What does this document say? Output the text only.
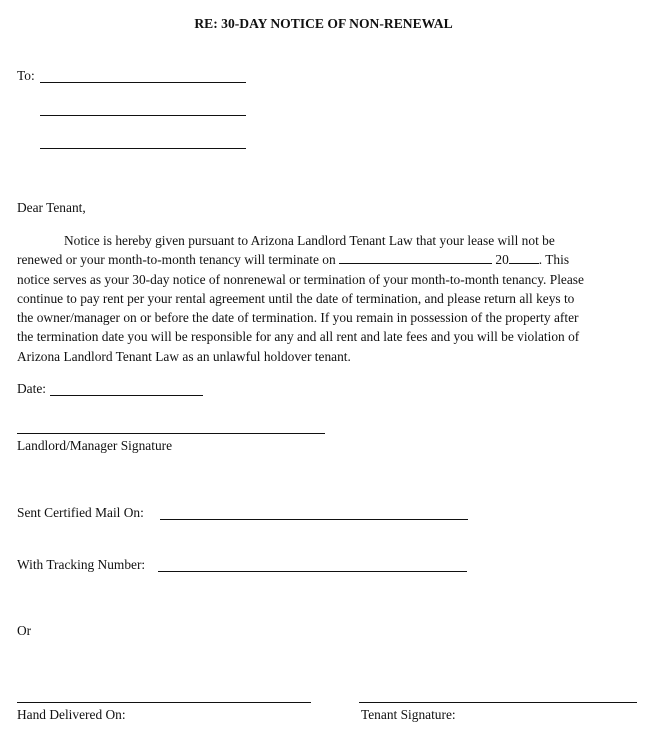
RE: 30-DAY NOTICE OF NON-RENEWAL
To:
Dear Tenant,
Notice is hereby given pursuant to Arizona Landlord Tenant Law that your lease will not be
renewed or your month-to-month tenancy will terminate on	20 . This
notice serves as your 30-day notice of nonrenewal or termination of your month-to-month tenancy. Please
continue to pay rent per your rental agreement until the date of termination, and please return all keys to
the owner/manager on or before the date of termination. If you remain in possession of the property after
the termination date you will be responsible for any and all rent and late fees and you will be violation of
Arizona Landlord Tenant Law as an unlawful holdover tenant.
Date:
Landlord/Manager Signature
Sent Certified Mail On:
With Tracking Number:
Or
Hand Delivered On:	Tenant Signature:
